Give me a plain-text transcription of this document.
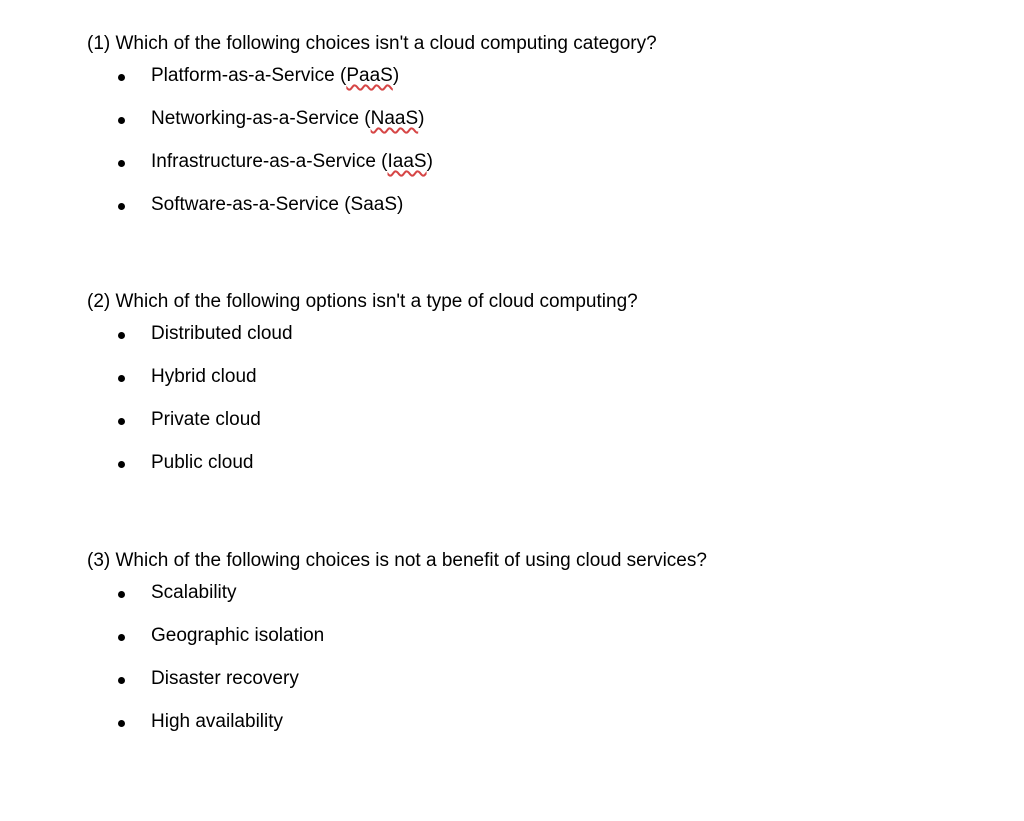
(1) Which of the following choices isn't a cloud computing category?
Platform-as-a-Service (PaaS)
Networking-as-a-Service (NaaS)
Infrastructure-as-a-Service (IaaS)
Software-as-a-Service (SaaS)
(2) Which of the following options isn't a type of cloud computing?
Distributed cloud
Hybrid cloud
Private cloud
Public cloud
(3) Which of the following choices is not a benefit of using cloud services?
Scalability
Geographic isolation
Disaster recovery
High availability
